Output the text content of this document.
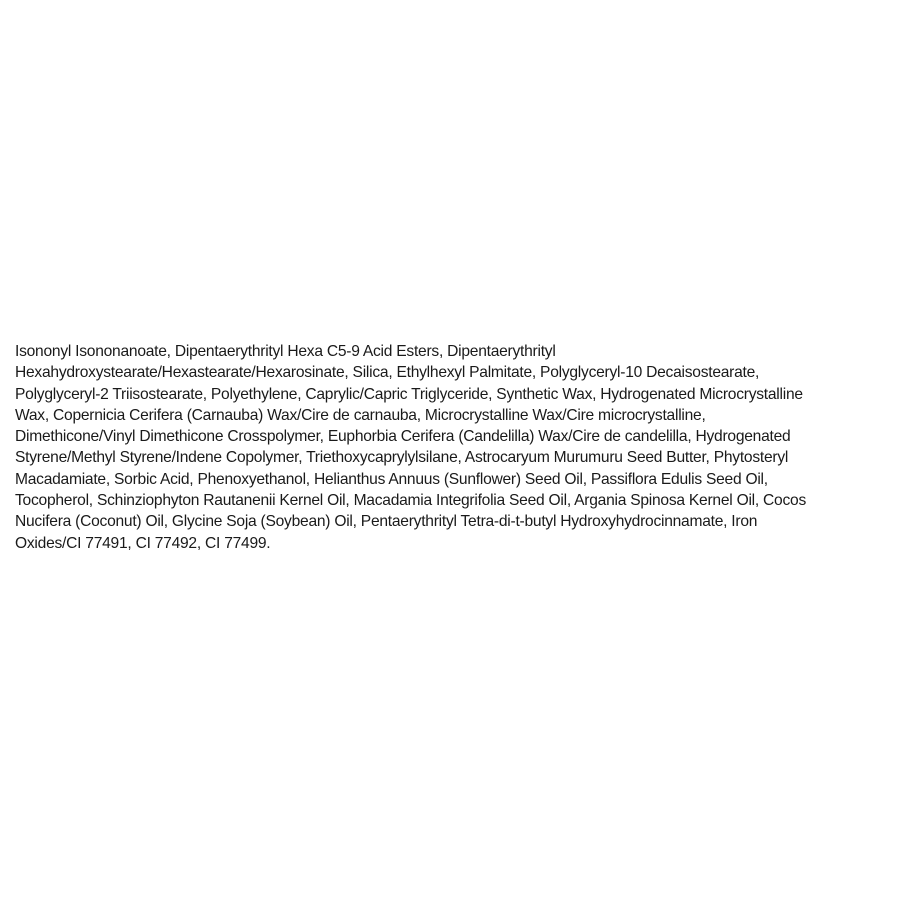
Isononyl Isononanoate, Dipentaerythrityl Hexa C5-9 Acid Esters, Dipentaerythrityl
Hexahydroxystearate/Hexastearate/Hexarosinate, Silica, Ethylhexyl Palmitate, Polyglyceryl-10 Decaisostearate,
Polyglyceryl-2 Triisostearate, Polyethylene, Caprylic/Capric Triglyceride, Synthetic Wax, Hydrogenated Microcrystalline
Wax, Copernicia Cerifera (Carnauba) Wax/Cire de carnauba, Microcrystalline Wax/Cire microcrystalline,
Dimethicone/Vinyl Dimethicone Crosspolymer, Euphorbia Cerifera (Candelilla) Wax/Cire de candelilla, Hydrogenated
Styrene/Methyl Styrene/Indene Copolymer, Triethoxycaprylylsilane, Astrocaryum Murumuru Seed Butter, Phytosteryl
Macadamiate, Sorbic Acid, Phenoxyethanol, Helianthus Annuus (Sunflower) Seed Oil, Passiflora Edulis Seed Oil,
Tocopherol, Schinziophyton Rautanenii Kernel Oil, Macadamia Integrifolia Seed Oil, Argania Spinosa Kernel Oil, Cocos
Nucifera (Coconut) Oil, Glycine Soja (Soybean) Oil, Pentaerythrityl Tetra-di-t-butyl Hydroxyhydrocinnamate, Iron
Oxides/CI 77491, CI 77492, CI 77499.
